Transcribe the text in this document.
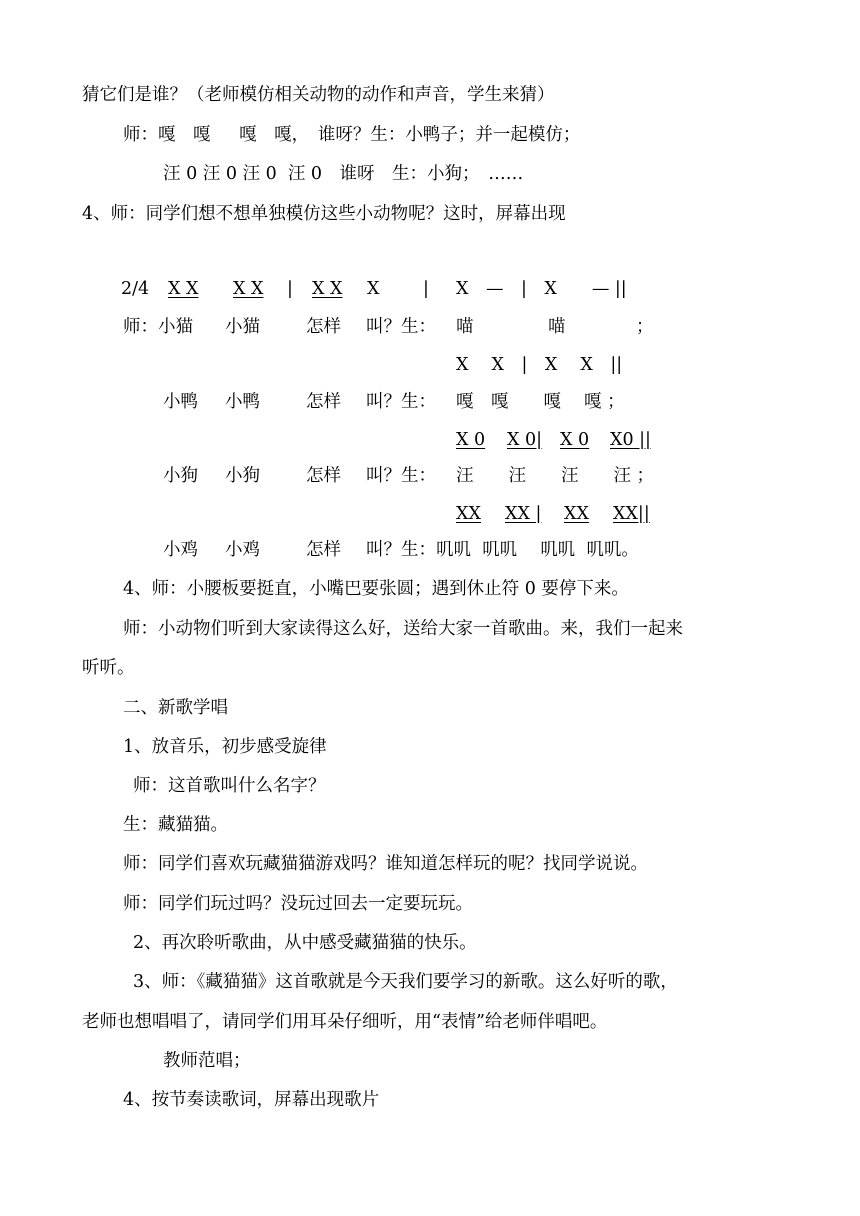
猜它们是谁？（老师模仿相关动物的动作和声音，学生来猜）
师：嘎　嘎　  嘎　嘎，　谁呀？生：小鸭子；并一起模仿；
汪 0 汪 0 汪 0  汪 0　谁呀　生：小狗；　……
4、师：同学们想不想单独模仿这些小动物呢？这时，屏幕出现
2/4 X X X X | X X X | X　—　|　X　　— ||
师：小猫 小猫	怎样 叫？生： 喵	喵	；
X　 X　|　X　 X　||
小鸭 小鸭	怎样 叫？生： 嘎　嘎　　嘎　 嘎 ；
X 0 X 0| X 0 X0 ||
小狗 小狗	怎样 叫？生： 汪　　汪　　汪　　汪 ；
XX XX | XX XX||
小鸡 小鸡	怎样 叫？生：叽叽  叽叽　 叽叽  叽叽。
4、师：小腰板要挺直，小嘴巴要张圆；遇到休止符 0 要停下来。
师：小动物们听到大家读得这么好，送给大家一首歌曲。来，我们一起来
听听。
二、新歌学唱
1、放音乐，初步感受旋律
师：这首歌叫什么名字？
生：藏猫猫。
师：同学们喜欢玩藏猫猫游戏吗？谁知道怎样玩的呢？找同学说说。
师：同学们玩过吗？没玩过回去一定要玩玩。
2、再次聆听歌曲，从中感受藏猫猫的快乐。
3、师：《藏猫猫》这首歌就是今天我们要学习的新歌。这么好听的歌，
老师也想唱唱了，请同学们用耳朵仔细听，用“表情”给老师伴唱吧。
教师范唱；
4、按节奏读歌词，屏幕出现歌片
